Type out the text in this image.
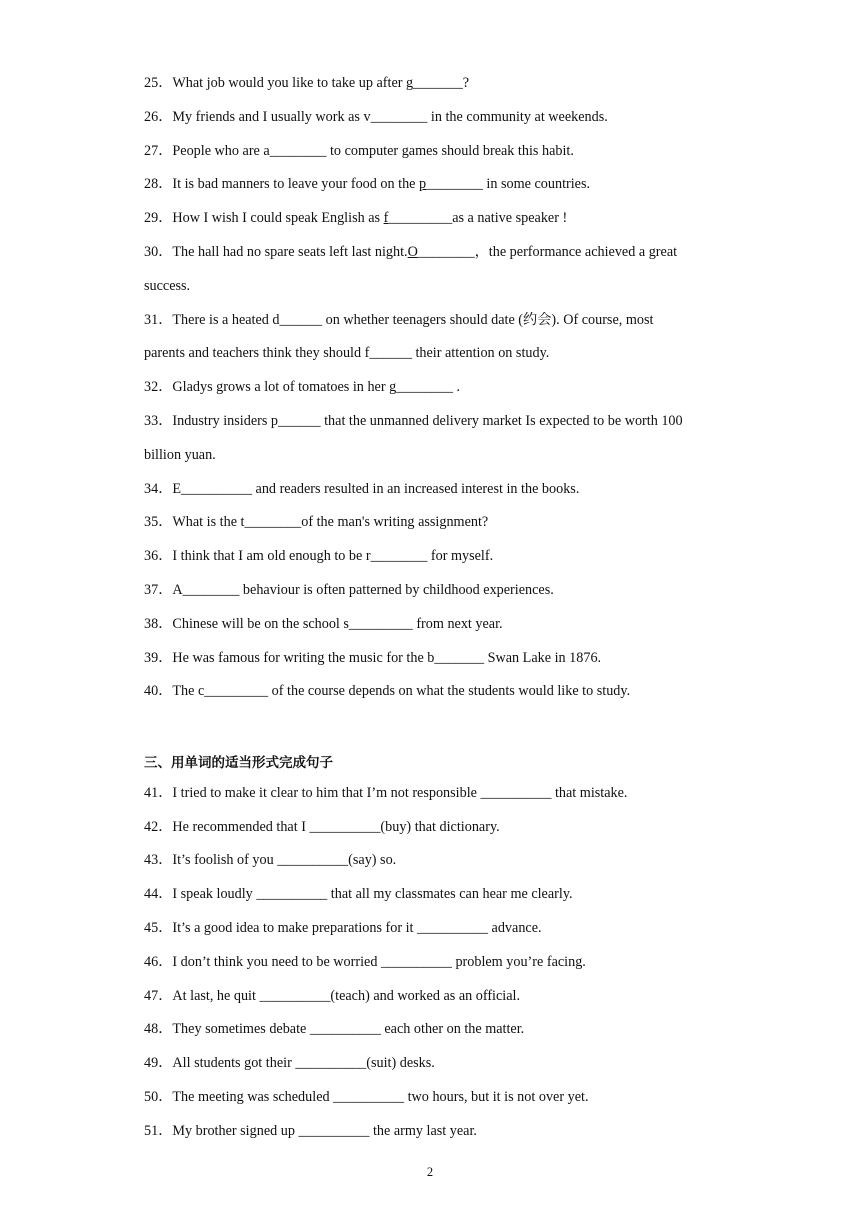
25．What job would you like to take up after g_______?
26．My friends and I usually work as v________ in the community at weekends.
27．People who are a________ to computer games should break this habit.
28．It is bad manners to leave your food on the p________ in some countries.
29．How I wish I could speak English as f_________as a native speaker !
30．The hall had no spare seats left last night.O________，the performance achieved a great
success.
31．There is a heated d______ on whether teenagers should date (约会). Of course, most
parents and teachers think they should f______ their attention on study.
32．Gladys grows a lot of tomatoes in her g________ .
33．Industry insiders p______ that the unmanned delivery market Is expected to be worth 100
billion yuan.
34．E__________ and readers resulted in an increased interest in the books.
35．What is the t________of the man's writing assignment?
36．I think that I am old enough to be r________ for myself.
37．A________ behaviour is often patterned by childhood experiences.
38．Chinese will be on the school s_________ from next year.
39．He was famous for writing the music for the b_______ Swan Lake in 1876.
40．The c_________ of the course depends on what the students would like to study.
三、用单词的适当形式完成句子
41．I tried to make it clear to him that I’m not responsible __________ that mistake.
42．He recommended that I __________(buy) that dictionary.
43．It’s foolish of you __________(say) so.
44．I speak loudly __________ that all my classmates can hear me clearly.
45．It’s a good idea to make preparations for it __________ advance.
46．I don’t think you need to be worried __________ problem you’re facing.
47．At last, he quit __________(teach) and worked as an official.
48．They sometimes debate __________ each other on the matter.
49．All students got their __________(suit) desks.
50．The meeting was scheduled __________ two hours, but it is not over yet.
51．My brother signed up __________ the army last year.
2
